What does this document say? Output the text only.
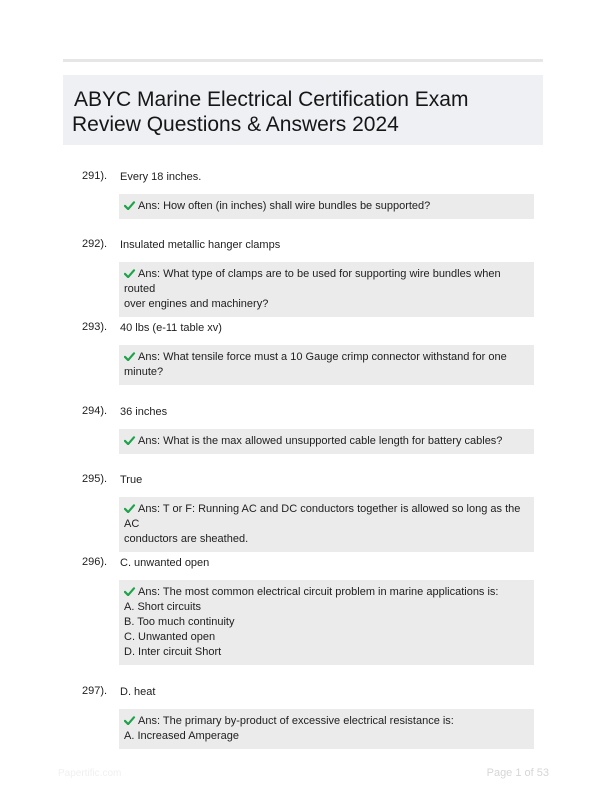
ABYC Marine Electrical Certification Exam
Review Questions & Answers 2024
291). Every 18 inches.
Ans: How often (in inches) shall wire bundles be supported?
292). Insulated metallic hanger clamps
Ans: What type of clamps are to be used for supporting wire bundles when routed
over engines and machinery?
293). 40 lbs (e-11 table xv)
Ans: What tensile force must a 10 Gauge crimp connector withstand for one
minute?
294). 36 inches
Ans: What is the max allowed unsupported cable length for battery cables?
295). True
Ans: T or F: Running AC and DC conductors together is allowed so long as the AC
conductors are sheathed.
296). C. unwanted open
Ans: The most common electrical circuit problem in marine applications is:
A. Short circuits
B. Too much continuity
C. Unwanted open
D. Inter circuit Short
297). D. heat
Ans: The primary by-product of excessive electrical resistance is:
A. Increased Amperage
Papertific.com	Page 1 of 53
